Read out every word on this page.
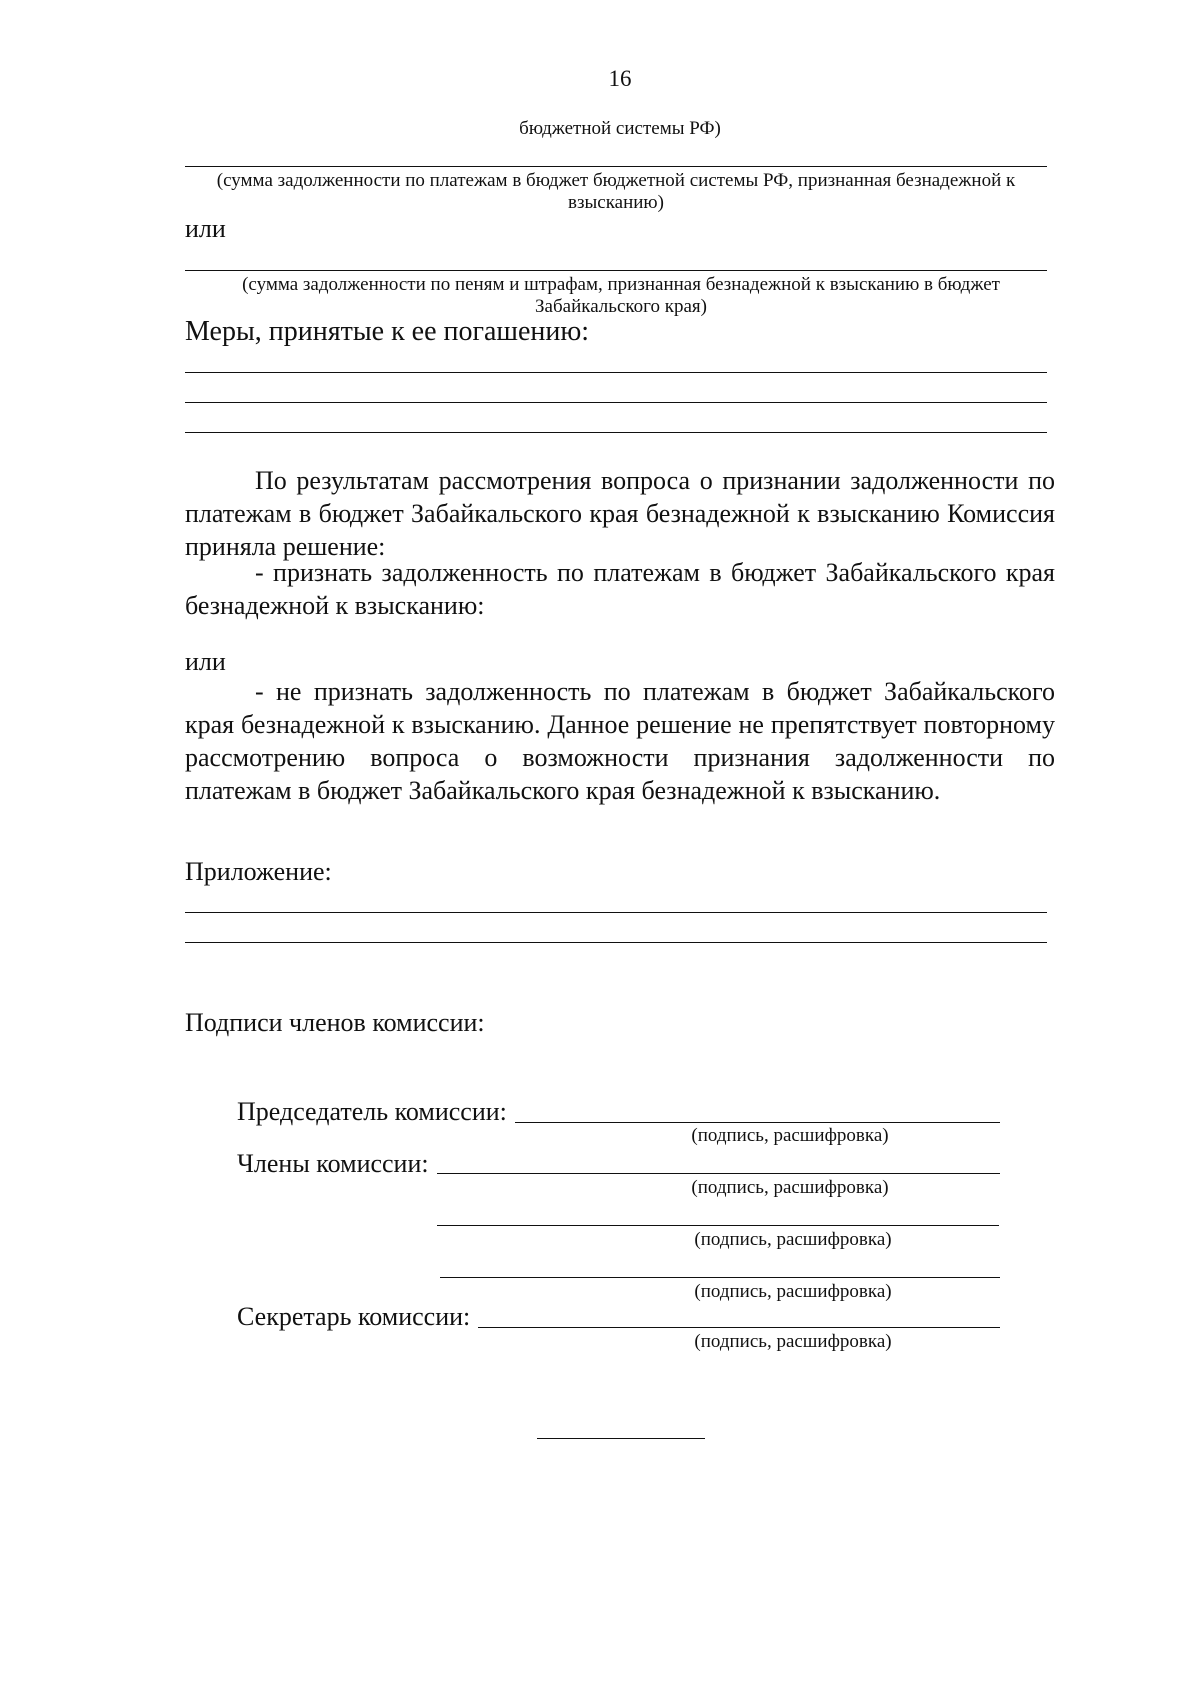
16
бюджетной системы РФ)
(сумма задолженности по платежам в бюджет бюджетной системы РФ, признанная безнадежной к взысканию)
или
(сумма задолженности по пеням и штрафам, признанная безнадежной к взысканию в бюджет Забайкальского края)
Меры, принятые к ее погашению:
По результатам рассмотрения вопроса о признании задолженности по платежам в бюджет Забайкальского края безнадежной к взысканию Комиссия приняла решение:
- признать задолженность по платежам в бюджет Забайкальского края безнадежной к взысканию:
или
- не признать задолженность по платежам в бюджет Забайкальского края безнадежной к взысканию. Данное решение не препятствует повторному рассмотрению вопроса о возможности признания задолженности по платежам в бюджет Забайкальского края безнадежной к взысканию.
Приложение:
Подписи членов комиссии:
Председатель комиссии:
(подпись, расшифровка)
Члены комиссии:
(подпись, расшифровка)
(подпись, расшифровка)
(подпись, расшифровка)
Секретарь комиссии:
(подпись, расшифровка)
